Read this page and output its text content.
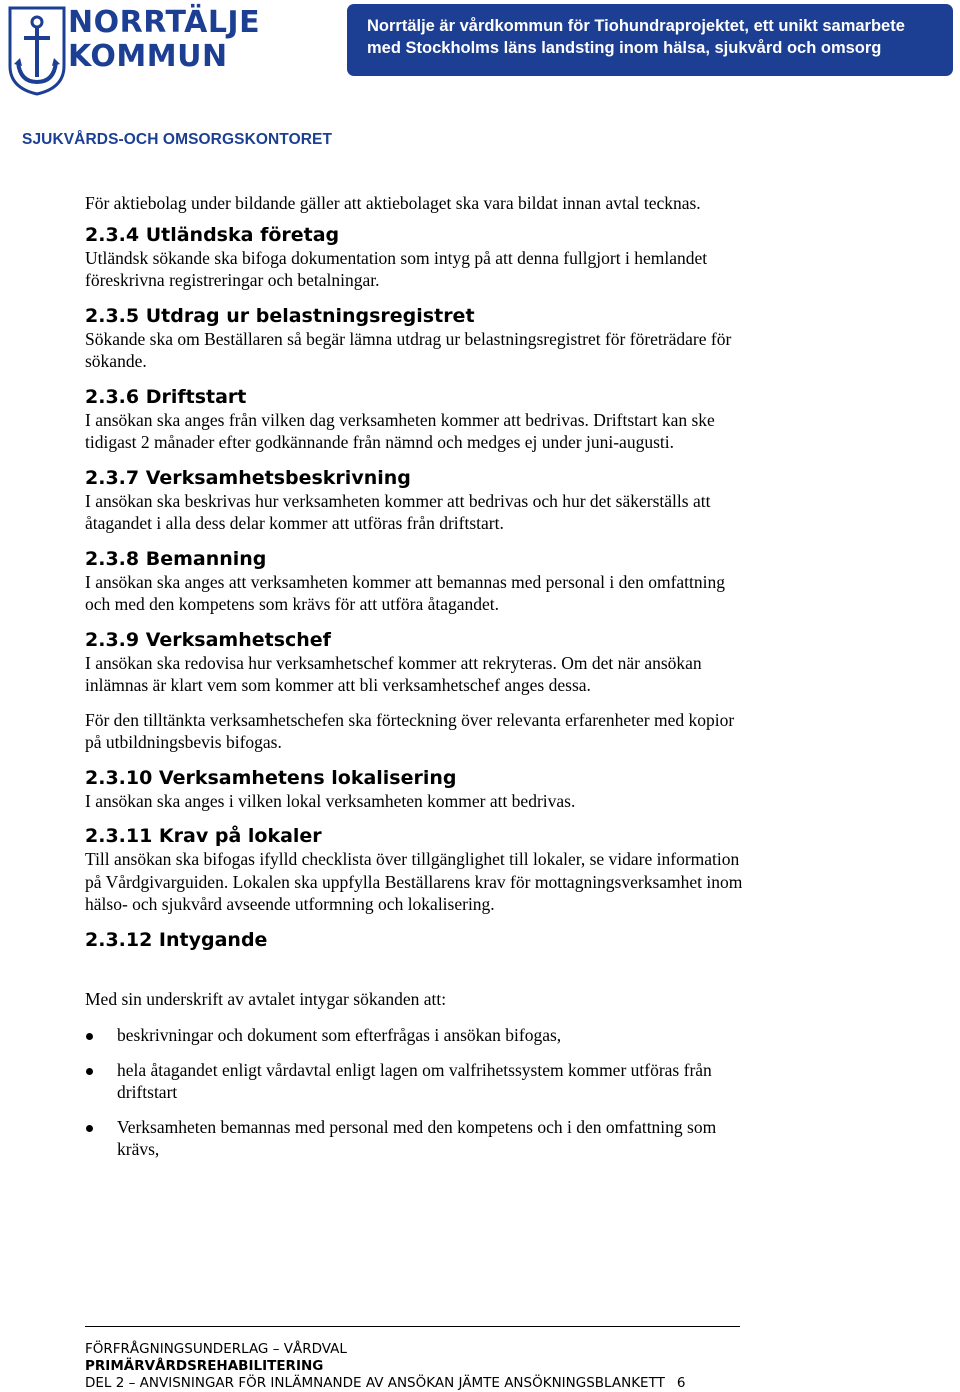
NORRTÄLJE
KOMMUN
Norrtälje är vårdkommun för Tiohundraprojektet, ett unikt samarbete
med Stockholms läns landsting inom hälsa, sjukvård och omsorg
SJUKVÅRDS-OCH OMSORGSKONTORET

För aktiebolag under bildande gäller att aktiebolaget ska vara bildat innan avtal tecknas.

2.3.4 Utländska företag

Utländsk sökande ska bifoga dokumentation som intyg på att denna fullgjort i hemlandet föreskrivna registreringar och betalningar.

2.3.5 Utdrag ur belastningsregistret

Sökande ska om Beställaren så begär lämna utdrag ur belastningsregistret för företrädare för sökande.

2.3.6 Driftstart

I ansökan ska anges från vilken dag verksamheten kommer att bedrivas. Driftstart kan ske tidigast 2 månader efter godkännande från nämnd och medges ej under juni-augusti.

2.3.7 Verksamhetsbeskrivning

I ansökan ska beskrivas hur verksamheten kommer att bedrivas och hur det säkerställs att åtagandet i alla dess delar kommer att utföras från driftstart.

2.3.8 Bemanning

I ansökan ska anges att verksamheten kommer att bemannas med personal i den omfattning och med den kompetens som krävs för att utföra åtagandet.

2.3.9 Verksamhetschef

I ansökan ska redovisa hur verksamhetschef kommer att rekryteras. Om det när ansökan inlämnas är klart vem som kommer att bli verksamhetschef anges dessa.

För den tilltänkta verksamhetschefen ska förteckning över relevanta erfarenheter med kopior på utbildningsbevis bifogas.

2.3.10 Verksamhetens lokalisering

I ansökan ska anges i vilken lokal verksamheten kommer att bedrivas.

2.3.11 Krav på lokaler

Till ansökan ska bifogas ifylld checklista över tillgänglighet till lokaler, se vidare information på Vårdgivarguiden. Lokalen ska uppfylla Beställarens krav för mottagningsverksamhet inom hälso- och sjukvård avseende utformning och lokalisering.

2.3.12 Intygande

Med sin underskrift av avtalet intygar sökanden att:

beskrivningar och dokument som efterfrågas i ansökan bifogas,
hela åtagandet enligt vårdavtal enligt lagen om valfrihetssystem kommer utföras från driftstart
Verksamheten bemannas med personal med den kompetens och i den omfattning som krävs,
FÖRFRÅGNINGSUNDERLAG – VÅRDVAL
PRIMÄRVÅRDSREHABILITERING
DEL 2 – ANVISNINGAR FÖR INLÄMNANDE AV ANSÖKAN JÄMTE ANSÖKNINGSBLANKETT 6
